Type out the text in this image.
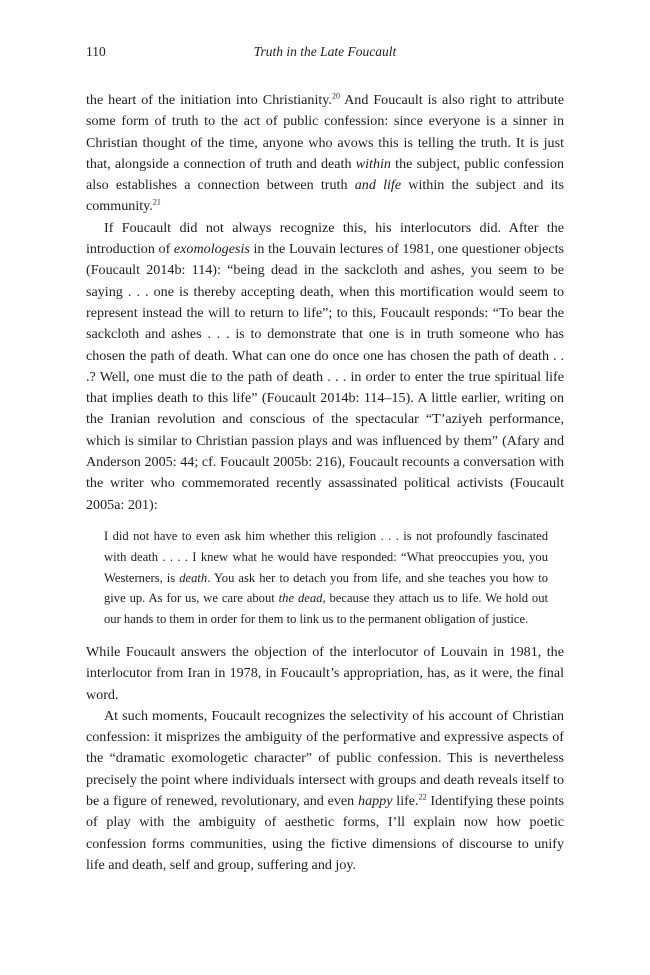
110	Truth in the Late Foucault

the heart of the initiation into Christianity.$^{20}$ And Foucault is also right to attribute some form of truth to the act of public confession: since everyone is a sinner in Christian thought of the time, anyone who avows this is telling the truth. It is just that, alongside a connection of truth and death within the subject, public confession also establishes a connection between truth and life within the subject and its community.$^{21}$

If Foucault did not always recognize this, his interlocutors did. After the introduction of exomologesis in the Louvain lectures of 1981, one questioner objects (Foucault 2014b: 114): “being dead in the sackcloth and ashes, you seem to be saying . . . one is thereby accepting death, when this mortification would seem to represent instead the will to return to life”; to this, Foucault responds: “To bear the sackcloth and ashes . . . is to demonstrate that one is in truth someone who has chosen the path of death. What can one do once one has chosen the path of death . . .? Well, one must die to the path of death . . . in order to enter the true spiritual life that implies death to this life” (Foucault 2014b: 114–15). A little earlier, writing on the Iranian revolution and conscious of the spectacular “T’aziyeh performance, which is similar to Christian passion plays and was influenced by them” (Afary and Anderson 2005: 44; cf. Foucault 2005b: 216), Foucault recounts a conversation with the writer who commemorated recently assassinated political activists (Foucault 2005a: 201):

I did not have to even ask him whether this religion . . . is not profoundly fascinated with death . . . . I knew what he would have responded: “What preoccupies you, you Westerners, is death. You ask her to detach you from life, and she teaches you how to give up. As for us, we care about the dead, because they attach us to life. We hold out our hands to them in order for them to link us to the permanent obligation of justice.

While Foucault answers the objection of the interlocutor of Louvain in 1981, the interlocutor from Iran in 1978, in Foucault’s appropriation, has, as it were, the final word.

At such moments, Foucault recognizes the selectivity of his account of Christian confession: it misprizes the ambiguity of the performative and expressive aspects of the “dramatic exomologetic character” of public confession. This is nevertheless precisely the point where individuals intersect with groups and death reveals itself to be a figure of renewed, revolutionary, and even happy life.$^{22}$ Identifying these points of play with the ambiguity of aesthetic forms, I’ll explain now how poetic confession forms communities, using the fictive dimensions of discourse to unify life and death, self and group, suffering and joy.
